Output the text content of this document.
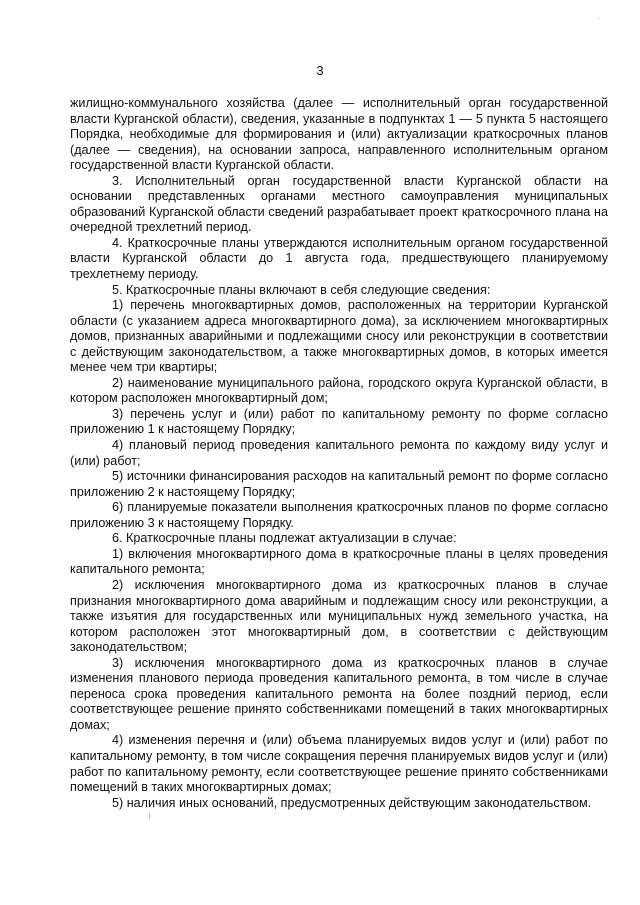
3

жилищно-коммунального хозяйства (далее — исполнительный орган государственной власти Курганской области), сведения, указанные в подпунктах 1 — 5 пункта 5 настоящего Порядка, необходимые для формирования и (или) актуализации краткосрочных планов (далее — сведения), на основании запроса, направленного исполнительным органом государственной власти Курганской области.

3. Исполнительный орган государственной власти Курганской области на основании представленных органами местного самоуправления муниципальных образований Курганской области сведений разрабатывает проект краткосрочного плана на очередной трехлетний период.

4. Краткосрочные планы утверждаются исполнительным органом государственной власти Курганской области до 1 августа года, предшествующего планируемому трехлетнему периоду.

5. Краткосрочные планы включают в себя следующие сведения:

1) перечень многоквартирных домов, расположенных на территории Курганской области (с указанием адреса многоквартирного дома), за исключением многоквартирных домов, признанных аварийными и подлежащими сносу или реконструкции в соответствии с действующим законодательством, а также многоквартирных домов, в которых имеется менее чем три квартиры;

2) наименование муниципального района, городского округа Курганской области, в котором расположен многоквартирный дом;

3) перечень услуг и (или) работ по капитальному ремонту по форме согласно приложению 1 к настоящему Порядку;

4) плановый период проведения капитального ремонта по каждому виду услуг и (или) работ;

5) источники финансирования расходов на капитальный ремонт по форме согласно приложению 2 к настоящему Порядку;

6) планируемые показатели выполнения краткосрочных планов по форме согласно приложению 3 к настоящему Порядку.

6. Краткосрочные планы подлежат актуализации в случае:

1) включения многоквартирного дома в краткосрочные планы в целях проведения капитального ремонта;

2) исключения многоквартирного дома из краткосрочных планов в случае признания многоквартирного дома аварийным и подлежащим сносу или реконструкции, а также изъятия для государственных или муниципальных нужд земельного участка, на котором расположен этот многоквартирный дом, в соответствии с действующим законодательством;

3) исключения многоквартирного дома из краткосрочных планов в случае изменения планового периода проведения капитального ремонта, в том числе в случае переноса срока проведения капитального ремонта на более поздний период, если соответствующее решение принято собственниками помещений в таких многоквартирных домах;

4) изменения перечня и (или) объема планируемых видов услуг и (или) работ по капитальному ремонту, в том числе сокращения перечня планируемых видов услуг и (или) работ по капитальному ремонту, если соответствующее решение принято собственниками помещений в таких многоквартирных домах;

5) наличия иных оснований, предусмотренных действующим законодательством.
